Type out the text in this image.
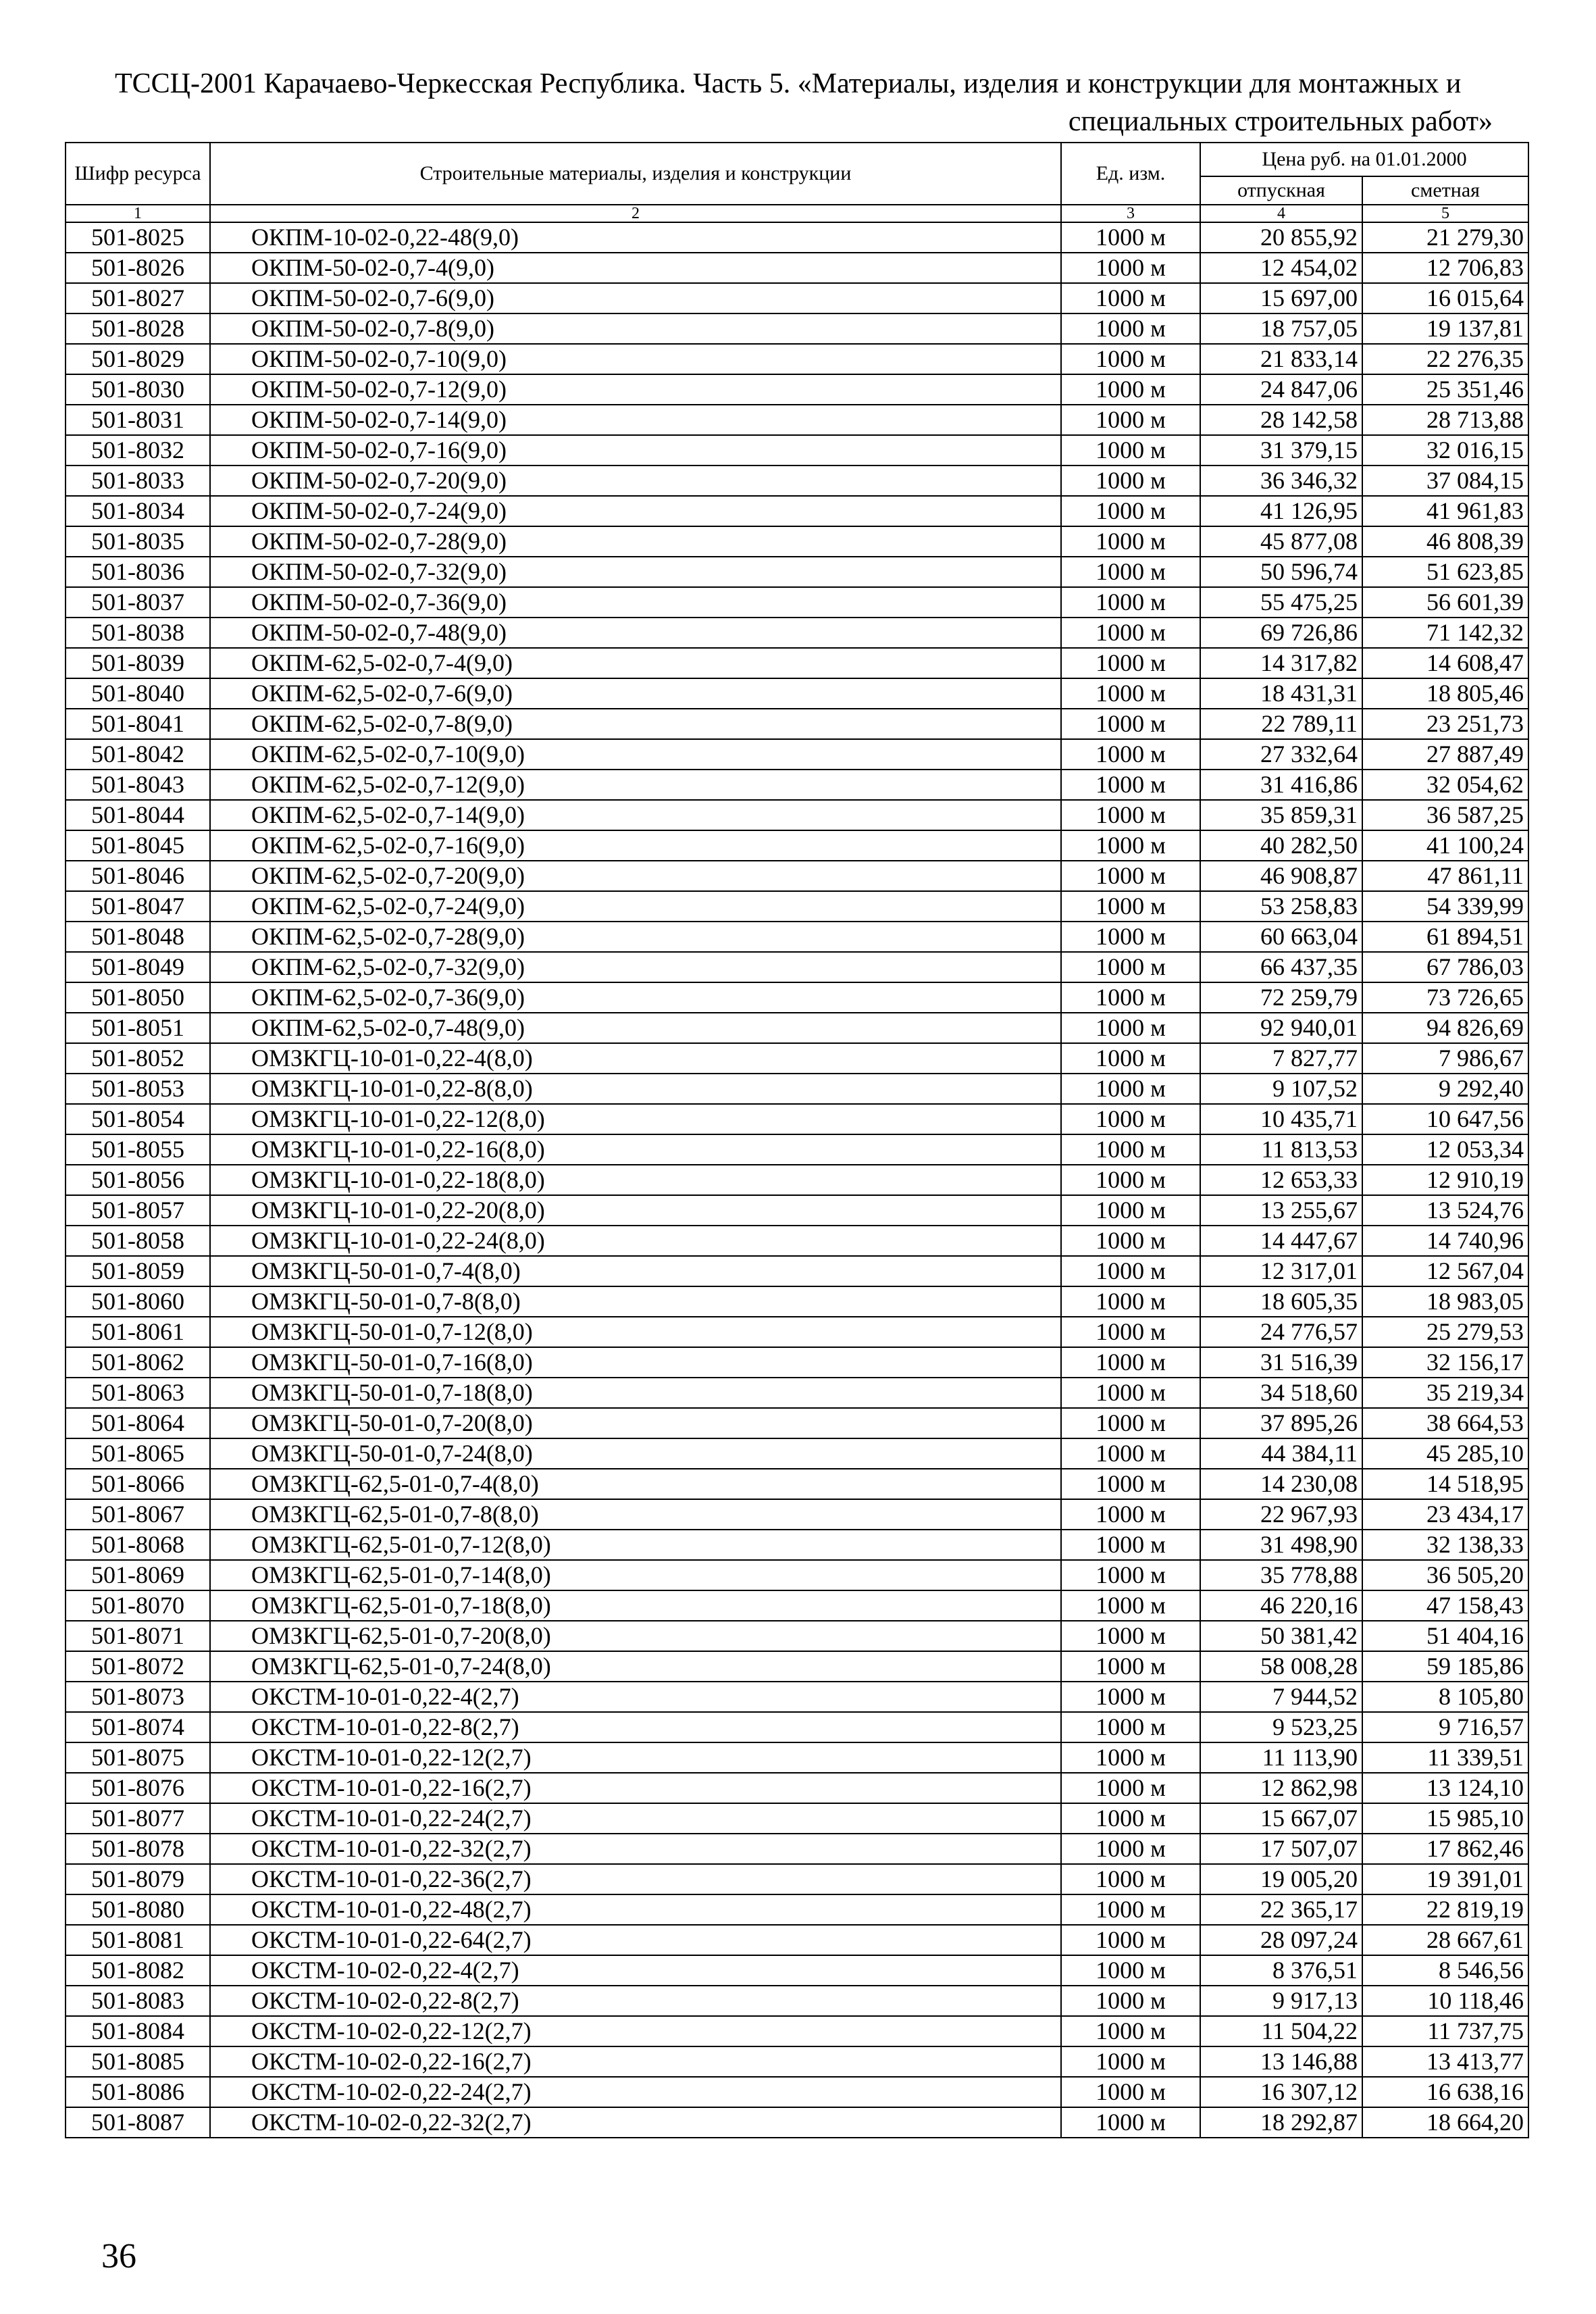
ТССЦ-2001 Карачаево-Черкесская Республика. Часть 5. «Материалы, изделия и конструкции для монтажных и
специальных строительных работ»
Шифр ресурса	Строительные материалы, изделия и конструкции	Ед. изм.	Цена руб. на 01.01.2000	
			отпускная	сметная
1	2	3	4	5
501-8025	ОКПМ-10-02-0,22-48(9,0)	1000 м	20 855,92	21 279,30
501-8026	ОКПМ-50-02-0,7-4(9,0)	1000 м	12 454,02	12 706,83
501-8027	ОКПМ-50-02-0,7-6(9,0)	1000 м	15 697,00	16 015,64
501-8028	ОКПМ-50-02-0,7-8(9,0)	1000 м	18 757,05	19 137,81
501-8029	ОКПМ-50-02-0,7-10(9,0)	1000 м	21 833,14	22 276,35
501-8030	ОКПМ-50-02-0,7-12(9,0)	1000 м	24 847,06	25 351,46
501-8031	ОКПМ-50-02-0,7-14(9,0)	1000 м	28 142,58	28 713,88
501-8032	ОКПМ-50-02-0,7-16(9,0)	1000 м	31 379,15	32 016,15
501-8033	ОКПМ-50-02-0,7-20(9,0)	1000 м	36 346,32	37 084,15
501-8034	ОКПМ-50-02-0,7-24(9,0)	1000 м	41 126,95	41 961,83
501-8035	ОКПМ-50-02-0,7-28(9,0)	1000 м	45 877,08	46 808,39
501-8036	ОКПМ-50-02-0,7-32(9,0)	1000 м	50 596,74	51 623,85
501-8037	ОКПМ-50-02-0,7-36(9,0)	1000 м	55 475,25	56 601,39
501-8038	ОКПМ-50-02-0,7-48(9,0)	1000 м	69 726,86	71 142,32
501-8039	ОКПМ-62,5-02-0,7-4(9,0)	1000 м	14 317,82	14 608,47
501-8040	ОКПМ-62,5-02-0,7-6(9,0)	1000 м	18 431,31	18 805,46
501-8041	ОКПМ-62,5-02-0,7-8(9,0)	1000 м	22 789,11	23 251,73
501-8042	ОКПМ-62,5-02-0,7-10(9,0)	1000 м	27 332,64	27 887,49
501-8043	ОКПМ-62,5-02-0,7-12(9,0)	1000 м	31 416,86	32 054,62
501-8044	ОКПМ-62,5-02-0,7-14(9,0)	1000 м	35 859,31	36 587,25
501-8045	ОКПМ-62,5-02-0,7-16(9,0)	1000 м	40 282,50	41 100,24
501-8046	ОКПМ-62,5-02-0,7-20(9,0)	1000 м	46 908,87	47 861,11
501-8047	ОКПМ-62,5-02-0,7-24(9,0)	1000 м	53 258,83	54 339,99
501-8048	ОКПМ-62,5-02-0,7-28(9,0)	1000 м	60 663,04	61 894,51
501-8049	ОКПМ-62,5-02-0,7-32(9,0)	1000 м	66 437,35	67 786,03
501-8050	ОКПМ-62,5-02-0,7-36(9,0)	1000 м	72 259,79	73 726,65
501-8051	ОКПМ-62,5-02-0,7-48(9,0)	1000 м	92 940,01	94 826,69
501-8052	ОМЗКГЦ-10-01-0,22-4(8,0)	1000 м	7 827,77	7 986,67
501-8053	ОМЗКГЦ-10-01-0,22-8(8,0)	1000 м	9 107,52	9 292,40
501-8054	ОМЗКГЦ-10-01-0,22-12(8,0)	1000 м	10 435,71	10 647,56
501-8055	ОМЗКГЦ-10-01-0,22-16(8,0)	1000 м	11 813,53	12 053,34
501-8056	ОМЗКГЦ-10-01-0,22-18(8,0)	1000 м	12 653,33	12 910,19
501-8057	ОМЗКГЦ-10-01-0,22-20(8,0)	1000 м	13 255,67	13 524,76
501-8058	ОМЗКГЦ-10-01-0,22-24(8,0)	1000 м	14 447,67	14 740,96
501-8059	ОМЗКГЦ-50-01-0,7-4(8,0)	1000 м	12 317,01	12 567,04
501-8060	ОМЗКГЦ-50-01-0,7-8(8,0)	1000 м	18 605,35	18 983,05
501-8061	ОМЗКГЦ-50-01-0,7-12(8,0)	1000 м	24 776,57	25 279,53
501-8062	ОМЗКГЦ-50-01-0,7-16(8,0)	1000 м	31 516,39	32 156,17
501-8063	ОМЗКГЦ-50-01-0,7-18(8,0)	1000 м	34 518,60	35 219,34
501-8064	ОМЗКГЦ-50-01-0,7-20(8,0)	1000 м	37 895,26	38 664,53
501-8065	ОМЗКГЦ-50-01-0,7-24(8,0)	1000 м	44 384,11	45 285,10
501-8066	ОМЗКГЦ-62,5-01-0,7-4(8,0)	1000 м	14 230,08	14 518,95
501-8067	ОМЗКГЦ-62,5-01-0,7-8(8,0)	1000 м	22 967,93	23 434,17
501-8068	ОМЗКГЦ-62,5-01-0,7-12(8,0)	1000 м	31 498,90	32 138,33
501-8069	ОМЗКГЦ-62,5-01-0,7-14(8,0)	1000 м	35 778,88	36 505,20
501-8070	ОМЗКГЦ-62,5-01-0,7-18(8,0)	1000 м	46 220,16	47 158,43
501-8071	ОМЗКГЦ-62,5-01-0,7-20(8,0)	1000 м	50 381,42	51 404,16
501-8072	ОМЗКГЦ-62,5-01-0,7-24(8,0)	1000 м	58 008,28	59 185,86
501-8073	ОКСТМ-10-01-0,22-4(2,7)	1000 м	7 944,52	8 105,80
501-8074	ОКСТМ-10-01-0,22-8(2,7)	1000 м	9 523,25	9 716,57
501-8075	ОКСТМ-10-01-0,22-12(2,7)	1000 м	11 113,90	11 339,51
501-8076	ОКСТМ-10-01-0,22-16(2,7)	1000 м	12 862,98	13 124,10
501-8077	ОКСТМ-10-01-0,22-24(2,7)	1000 м	15 667,07	15 985,10
501-8078	ОКСТМ-10-01-0,22-32(2,7)	1000 м	17 507,07	17 862,46
501-8079	ОКСТМ-10-01-0,22-36(2,7)	1000 м	19 005,20	19 391,01
501-8080	ОКСТМ-10-01-0,22-48(2,7)	1000 м	22 365,17	22 819,19
501-8081	ОКСТМ-10-01-0,22-64(2,7)	1000 м	28 097,24	28 667,61
501-8082	ОКСТМ-10-02-0,22-4(2,7)	1000 м	8 376,51	8 546,56
501-8083	ОКСТМ-10-02-0,22-8(2,7)	1000 м	9 917,13	10 118,46
501-8084	ОКСТМ-10-02-0,22-12(2,7)	1000 м	11 504,22	11 737,75
501-8085	ОКСТМ-10-02-0,22-16(2,7)	1000 м	13 146,88	13 413,77
501-8086	ОКСТМ-10-02-0,22-24(2,7)	1000 м	16 307,12	16 638,16
501-8087	ОКСТМ-10-02-0,22-32(2,7)	1000 м	18 292,87	18 664,20
36
